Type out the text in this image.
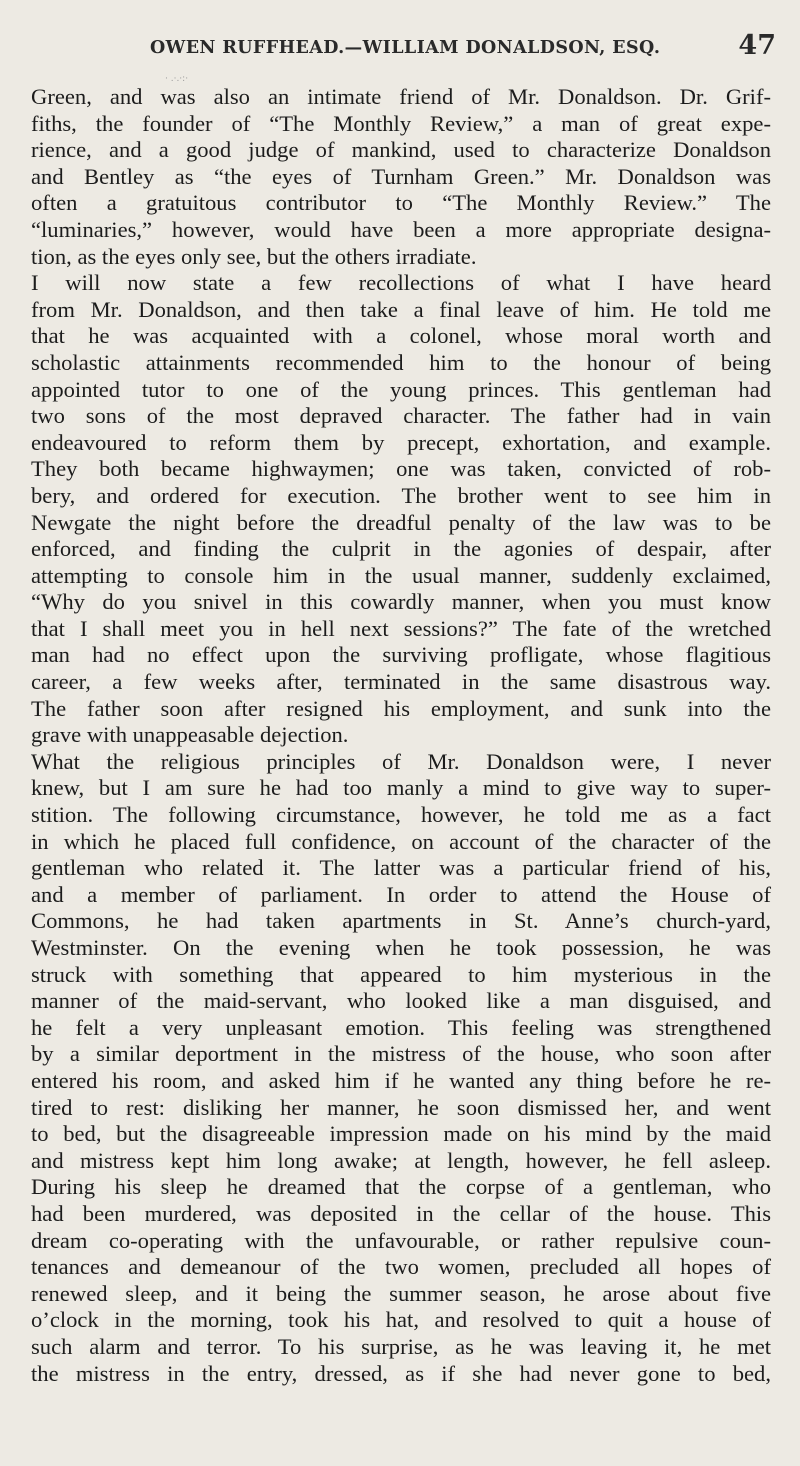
· .·.·:·
OWEN RUFFHEAD.—WILLIAM DONALDSON, ESQ.	47
Green, and was also an intimate friend of Mr. Donaldson. Dr. Grif-
fiths, the founder of “The Monthly Review,” a man of great expe-
rience, and a good judge of mankind, used to characterize Donaldson
and Bentley as “the eyes of Turnham Green.” Mr. Donaldson was
often a gratuitous contributor to “The Monthly Review.” The
“luminaries,” however, would have been a more appropriate designa-
tion, as the eyes only see, but the others irradiate.
I will now state a few recollections of what I have heard
from Mr. Donaldson, and then take a final leave of him. He told me
that he was acquainted with a colonel, whose moral worth and
scholastic attainments recommended him to the honour of being
appointed tutor to one of the young princes. This gentleman had
two sons of the most depraved character. The father had in vain
endeavoured to reform them by precept, exhortation, and example.
They both became highwaymen; one was taken, convicted of rob-
bery, and ordered for execution. The brother went to see him in
Newgate the night before the dreadful penalty of the law was to be
enforced, and finding the culprit in the agonies of despair, after
attempting to console him in the usual manner, suddenly exclaimed,
“Why do you snivel in this cowardly manner, when you must know
that I shall meet you in hell next sessions?” The fate of the wretched
man had no effect upon the surviving profligate, whose flagitious
career, a few weeks after, terminated in the same disastrous way.
The father soon after resigned his employment, and sunk into the
grave with unappeasable dejection.
What the religious principles of Mr. Donaldson were, I never
knew, but I am sure he had too manly a mind to give way to super-
stition. The following circumstance, however, he told me as a fact
in which he placed full confidence, on account of the character of the
gentleman who related it. The latter was a particular friend of his,
and a member of parliament. In order to attend the House of
Commons, he had taken apartments in St. Anne’s church-yard,
Westminster. On the evening when he took possession, he was
struck with something that appeared to him mysterious in the
manner of the maid-servant, who looked like a man disguised, and
he felt a very unpleasant emotion. This feeling was strengthened
by a similar deportment in the mistress of the house, who soon after
entered his room, and asked him if he wanted any thing before he re-
tired to rest: disliking her manner, he soon dismissed her, and went
to bed, but the disagreeable impression made on his mind by the maid
and mistress kept him long awake; at length, however, he fell asleep.
During his sleep he dreamed that the corpse of a gentleman, who
had been murdered, was deposited in the cellar of the house. This
dream co-operating with the unfavourable, or rather repulsive coun-
tenances and demeanour of the two women, precluded all hopes of
renewed sleep, and it being the summer season, he arose about five
o’clock in the morning, took his hat, and resolved to quit a house of
such alarm and terror. To his surprise, as he was leaving it, he met
the mistress in the entry, dressed, as if she had never gone to bed,
